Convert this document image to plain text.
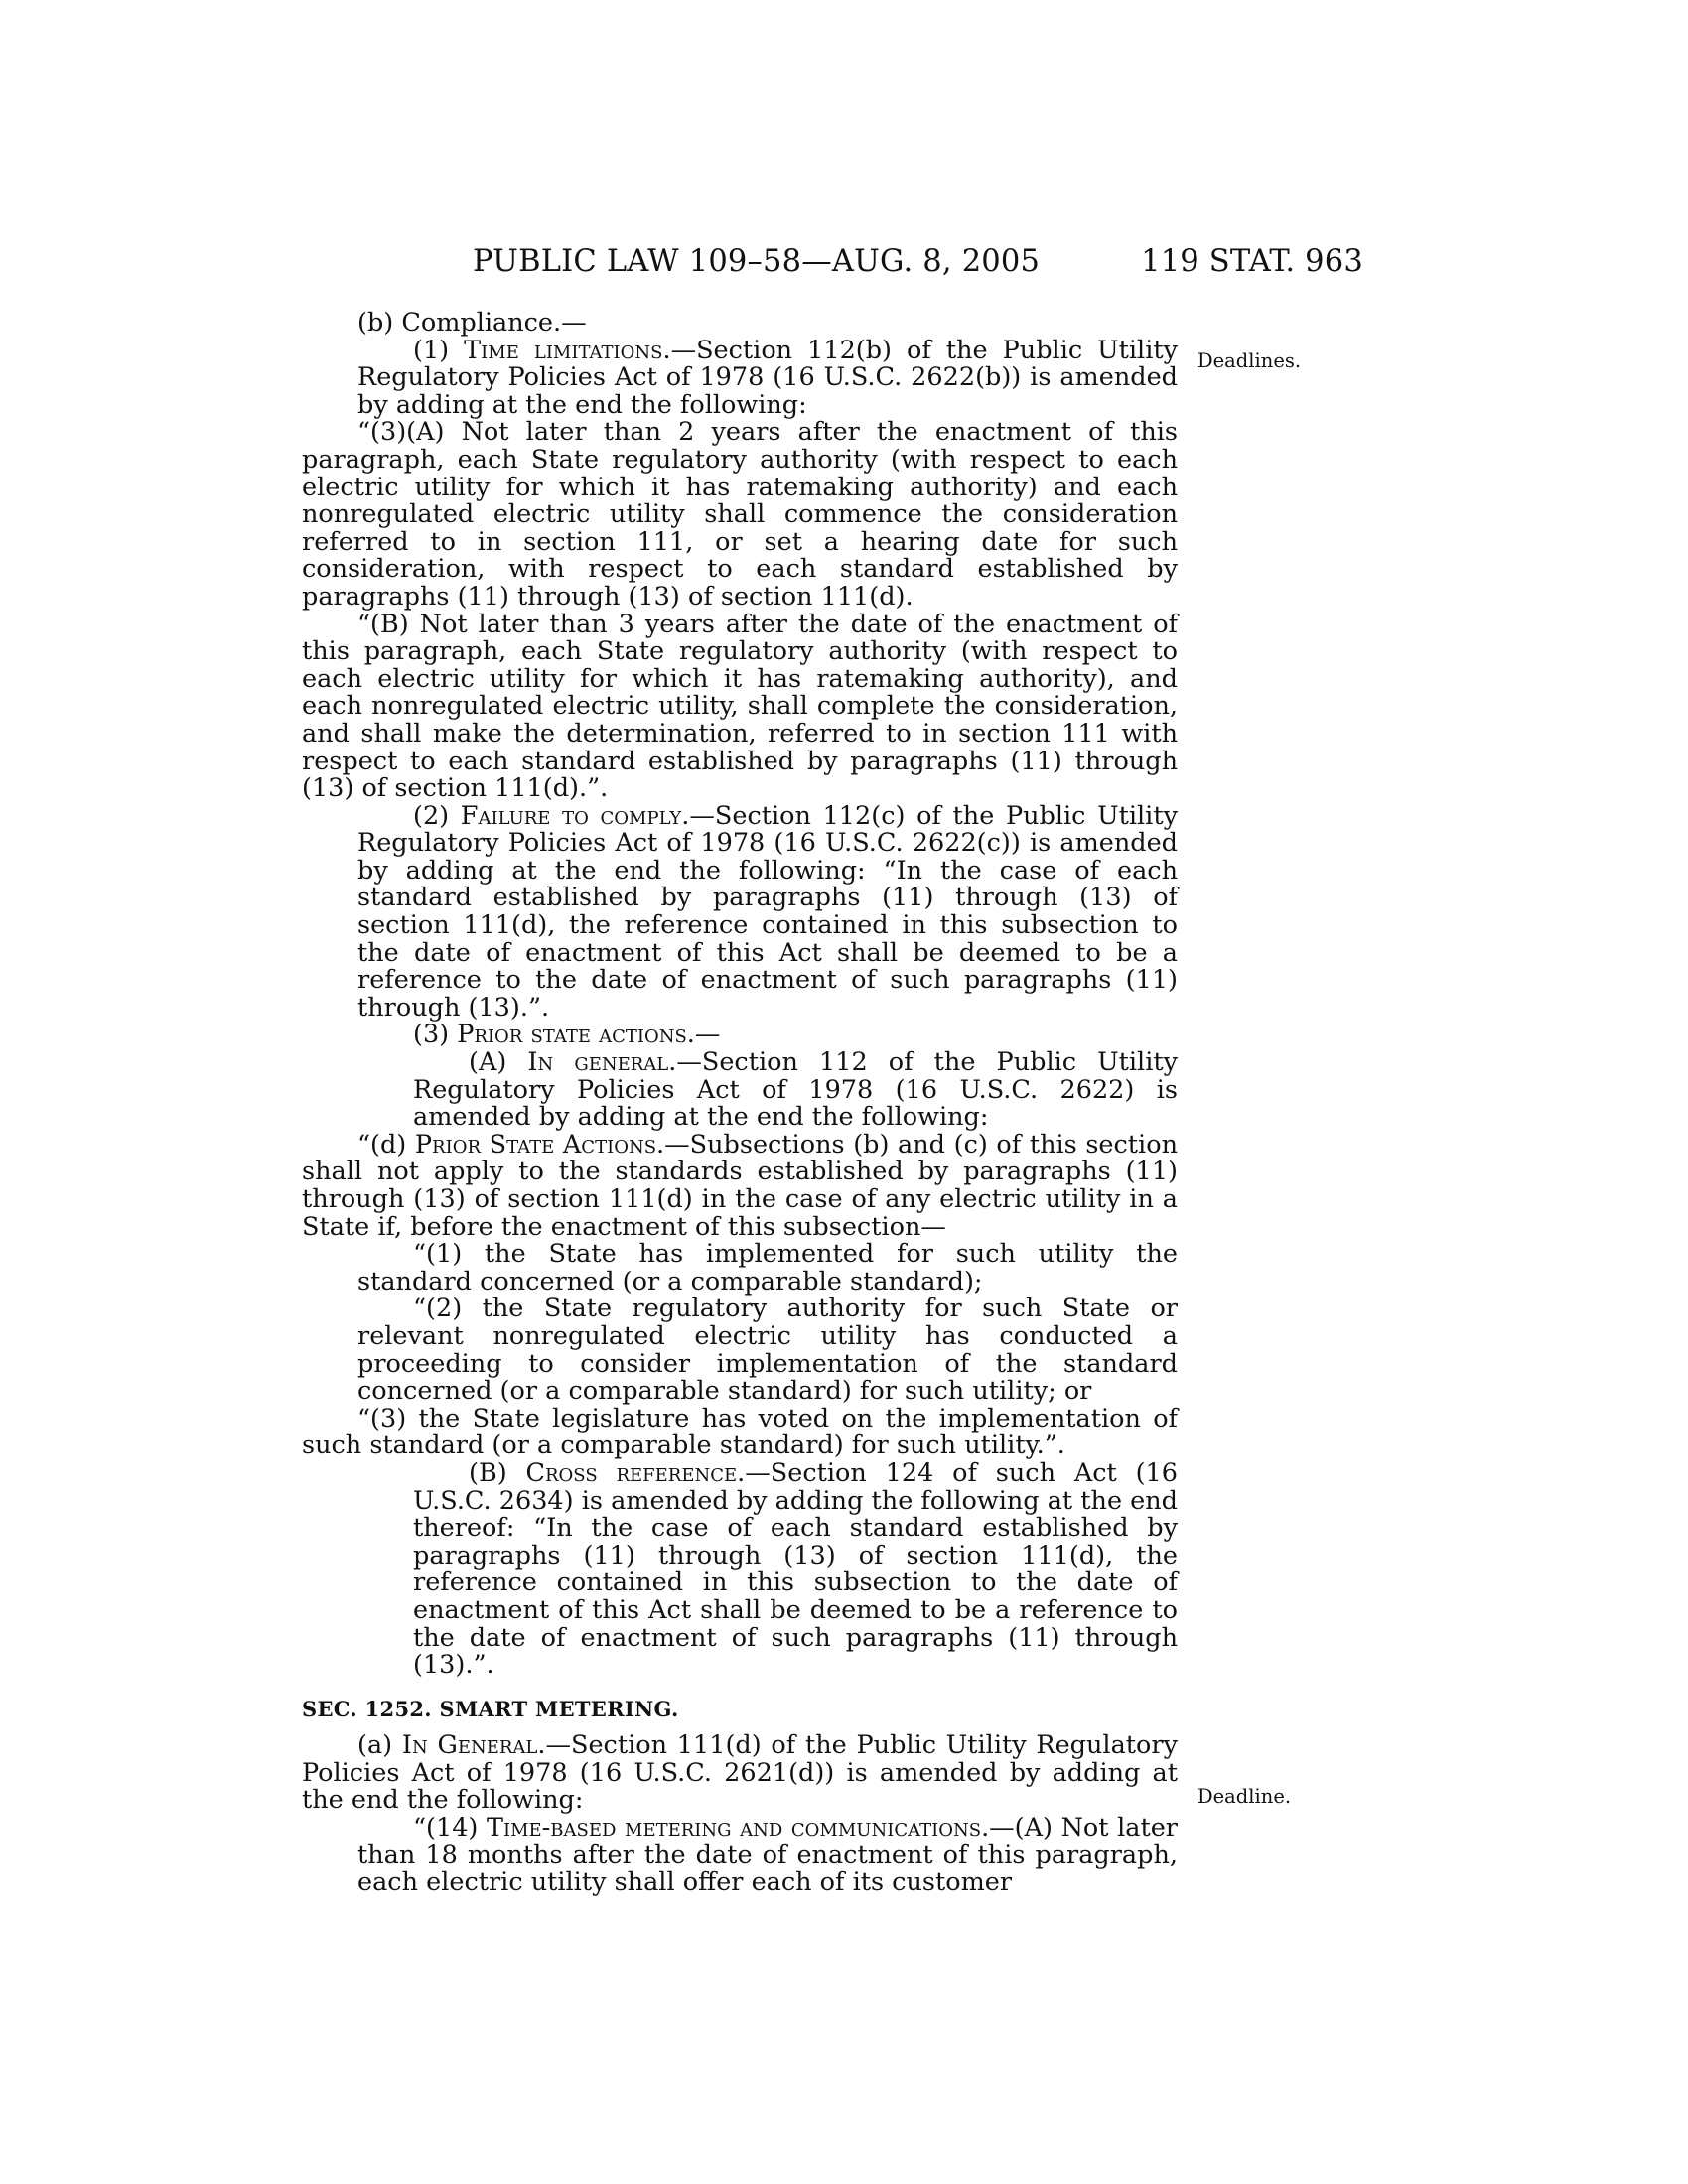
PUBLIC LAW 109–58—AUG. 8, 2005	119 STAT. 963
Deadlines.
Deadline.

(b) Compliance.—

(1) Time limitations.—Section 112(b) of the Public Utility Regulatory Policies Act of 1978 (16 U.S.C. 2622(b)) is amended by adding at the end the following:

“(3)(A) Not later than 2 years after the enactment of this paragraph, each State regulatory authority (with respect to each electric utility for which it has ratemaking authority) and each nonregulated electric utility shall commence the consideration referred to in section 111, or set a hearing date for such consideration, with respect to each standard established by paragraphs (11) through (13) of section 111(d).

“(B) Not later than 3 years after the date of the enactment of this paragraph, each State regulatory authority (with respect to each electric utility for which it has ratemaking authority), and each nonregulated electric utility, shall complete the consideration, and shall make the determination, referred to in section 111 with respect to each standard established by paragraphs (11) through (13) of section 111(d).”.

(2) Failure to comply.—Section 112(c) of the Public Utility Regulatory Policies Act of 1978 (16 U.S.C. 2622(c)) is amended by adding at the end the following: “In the case of each standard established by paragraphs (11) through (13) of section 111(d), the reference contained in this subsection to the date of enactment of this Act shall be deemed to be a reference to the date of enactment of such paragraphs (11) through (13).”.

(3) Prior state actions.—

(A) In general.—Section 112 of the Public Utility Regulatory Policies Act of 1978 (16 U.S.C. 2622) is amended by adding at the end the following:

“(d) Prior State Actions.—Subsections (b) and (c) of this section shall not apply to the standards established by paragraphs (11) through (13) of section 111(d) in the case of any electric utility in a State if, before the enactment of this subsection—

“(1) the State has implemented for such utility the standard concerned (or a comparable standard);

“(2) the State regulatory authority for such State or relevant nonregulated electric utility has conducted a proceeding to consider implementation of the standard concerned (or a comparable standard) for such utility; or

“(3) the State legislature has voted on the implementation of such standard (or a comparable standard) for such utility.”.

(B) Cross reference.—Section 124 of such Act (16 U.S.C. 2634) is amended by adding the following at the end thereof: “In the case of each standard established by paragraphs (11) through (13) of section 111(d), the reference contained in this subsection to the date of enactment of this Act shall be deemed to be a reference to the date of enactment of such paragraphs (11) through (13).”.

SEC. 1252. SMART METERING.

(a) In General.—Section 111(d) of the Public Utility Regulatory Policies Act of 1978 (16 U.S.C. 2621(d)) is amended by adding at the end the following:

“(14) Time-based metering and communications.—(A) Not later than 18 months after the date of enactment of this paragraph, each electric utility shall offer each of its customer
